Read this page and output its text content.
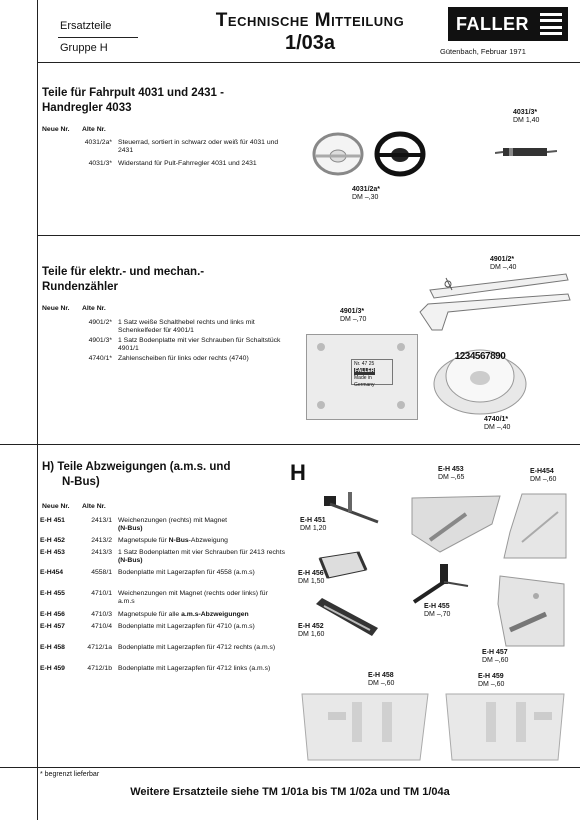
Ersatzteile
Gruppe H
Technische Mitteilung
1/03a
FALLER
Gütenbach, Februar 1971
Teile für Fahrpult 4031 und 2431 -
Handregler 4033
Neue Nr. Alte Nr.
4031/2a* Steuerrad, sortiert in schwarz oder weiß für 4031 und 2431
4031/3* Widerstand für Pult-Fahrregler 4031 und 2431
4031/2a*
DM –,30
4031/3*
DM 1,40
Teile für elektr.- und mechan.-
Rundenzähler
Neue Nr. Alte Nr.
4901/2* 1 Satz weiße Schalthebel rechts und links mit Schenkelfeder für 4901/1
4901/3* 1 Satz Bodenplatte mit vier Schrauben für Schaltstück 4901/1
4740/1* Zahlenscheiben für links oder rechts (4740)
4901/2*
DM –,40
Nr. 47 25
FALLER
Made in Germany
4901/3*
DM –,70
1234567890
4740/1*
DM –,40
H) Teile Abzweigungen (a.m.s. und
N-Bus)	H
Neue Nr. Alte Nr.
E-H 451	2413/1 Weichenzungen (rechts) mit Magnet
(N-Bus)
E-H 452	2413/2 Magnetspule für N-Bus-Abzweigung
E-H 453	2413/3 1 Satz Bodenplatten mit vier Schrauben für 2413 rechts (N-Bus)
E-H454	4558/1 Bodenplatte mit Lagerzapfen für 4558 (a.m.s)
E-H 455	4710/1 Weichenzungen mit Magnet (rechts oder links) für a.m.s
E-H 456	4710/3 Magnetspule für alle a.m.s-Abzweigungen
E-H 457	4710/4 Bodenplatte mit Lagerzapfen für 4710 (a.m.s)
E-H 458	4712/1a Bodenplatte mit Lagerzapfen für 4712 rechts (a.m.s)
E-H 459	4712/1b Bodenplatte mit Lagerzapfen für 4712 links (a.m.s)
E-H 451
DM 1,20
E-H 456
DM 1,50
E-H 452
DM 1,60
E-H 453
DM –,65
E-H454
DM –,60
E-H 455
DM –,70
E-H 457
DM –,60
E-H 458
DM –,60
E-H 459
DM –,60
* begrenzt lieferbar
Weitere Ersatzteile siehe TM 1/01a bis TM 1/02a und TM 1/04a
